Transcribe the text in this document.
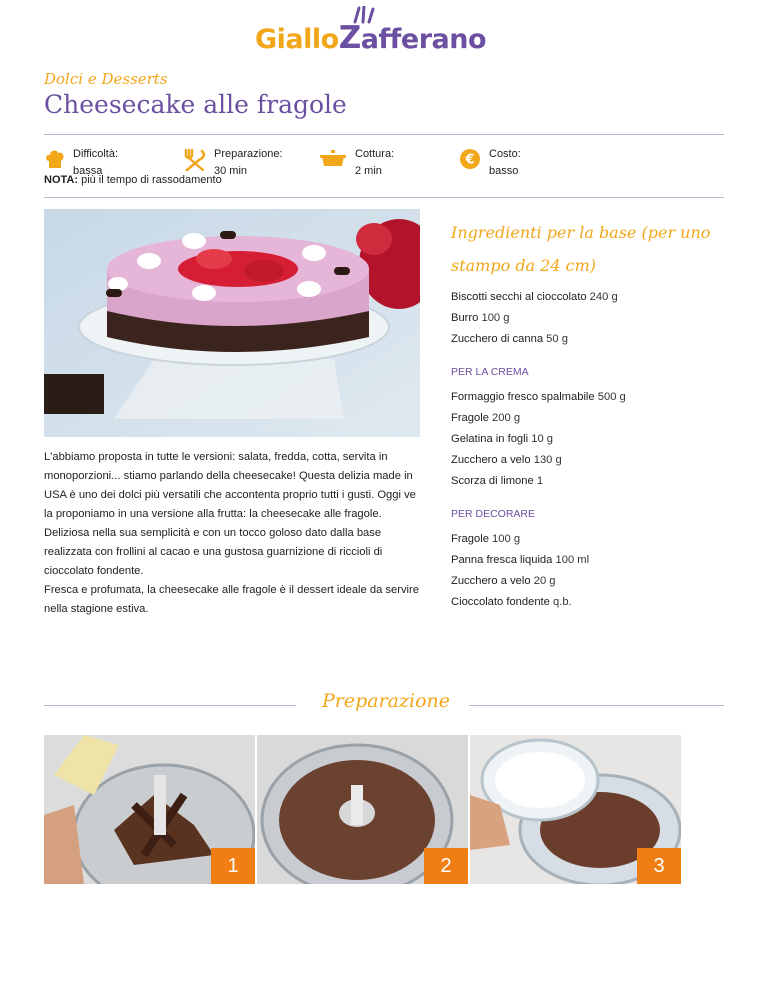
GialloZafferano
Dolci e Desserts
Cheesecake alle fragole
Difficoltà:
bassa
Preparazione:
30 min
Cottura:
2 min
€ Costo:
basso
NOTA: più il tempo di rassodamento

L'abbiamo proposta in tutte le versioni: salata, fredda, cotta, servita in monoporzioni... stiamo parlando della cheesecake! Questa delizia made in USA è uno dei dolci più versatili che accontenta proprio tutti i gusti. Oggi ve la proponiamo in una versione alla frutta: la cheesecake alle fragole. Deliziosa nella sua semplicità e con un tocco goloso dato dalla base realizzata con frollini al cacao e una gustosa guarnizione di riccioli di cioccolato fondente.

Fresca e profumata, la cheesecake alle fragole è il dessert ideale da servire nella stagione estiva.

Ingredienti per la base (per uno stampo da 24 cm)
Biscotti secchi al cioccolato 240 g
Burro 100 g
Zucchero di canna 50 g
PER LA CREMA
Formaggio fresco spalmabile 500 g
Fragole 200 g
Gelatina in fogli 10 g
Zucchero a velo 130 g
Scorza di limone 1
PER DECORARE
Fragole 100 g
Panna fresca liquida 100 ml
Zucchero a velo 20 g
Cioccolato fondente q.b.
Preparazione
1	2	3
